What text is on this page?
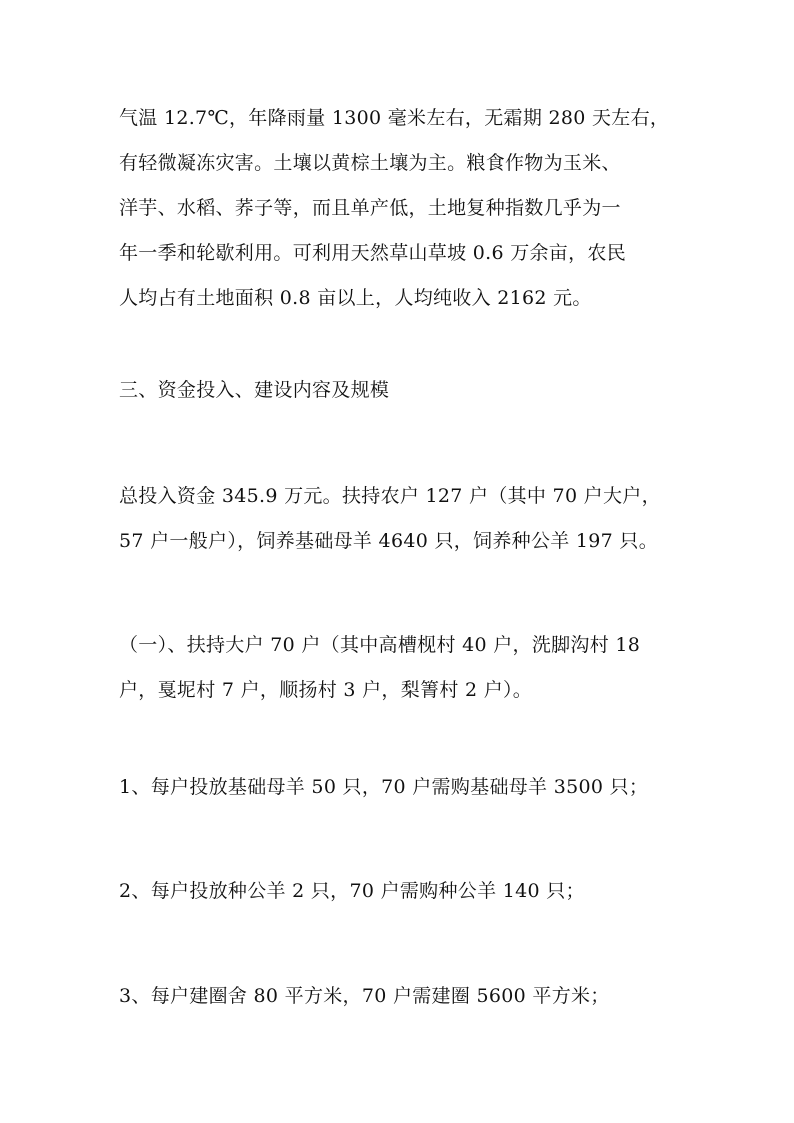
气温 12.7℃，年降雨量 1300 毫米左右，无霜期 280 天左右，

有轻微凝冻灾害。土壤以黄棕土壤为主。粮食作物为玉米、

洋芋、水稻、荞子等，而且单产低，土地复种指数几乎为一

年一季和轮歇利用。可利用天然草山草坡 0.6 万余亩，农民

人均占有土地面积 0.8 亩以上，人均纯收入 2162 元。

三、资金投入、建设内容及规模

总投入资金 345.9 万元。扶持农户 127 户（其中 70 户大户，

57 户一般户），饲养基础母羊 4640 只，饲养种公羊 197 只。

（一）、扶持大户 70 户（其中高槽枧村 40 户，洗脚沟村 18

户，戛坭村 7 户，顺扬村 3 户，梨箐村 2 户）。

1、每户投放基础母羊 50 只，70 户需购基础母羊 3500 只；

2、每户投放种公羊 2 只，70 户需购种公羊 140 只；

3、每户建圈舍 80 平方米，70 户需建圈 5600 平方米；
